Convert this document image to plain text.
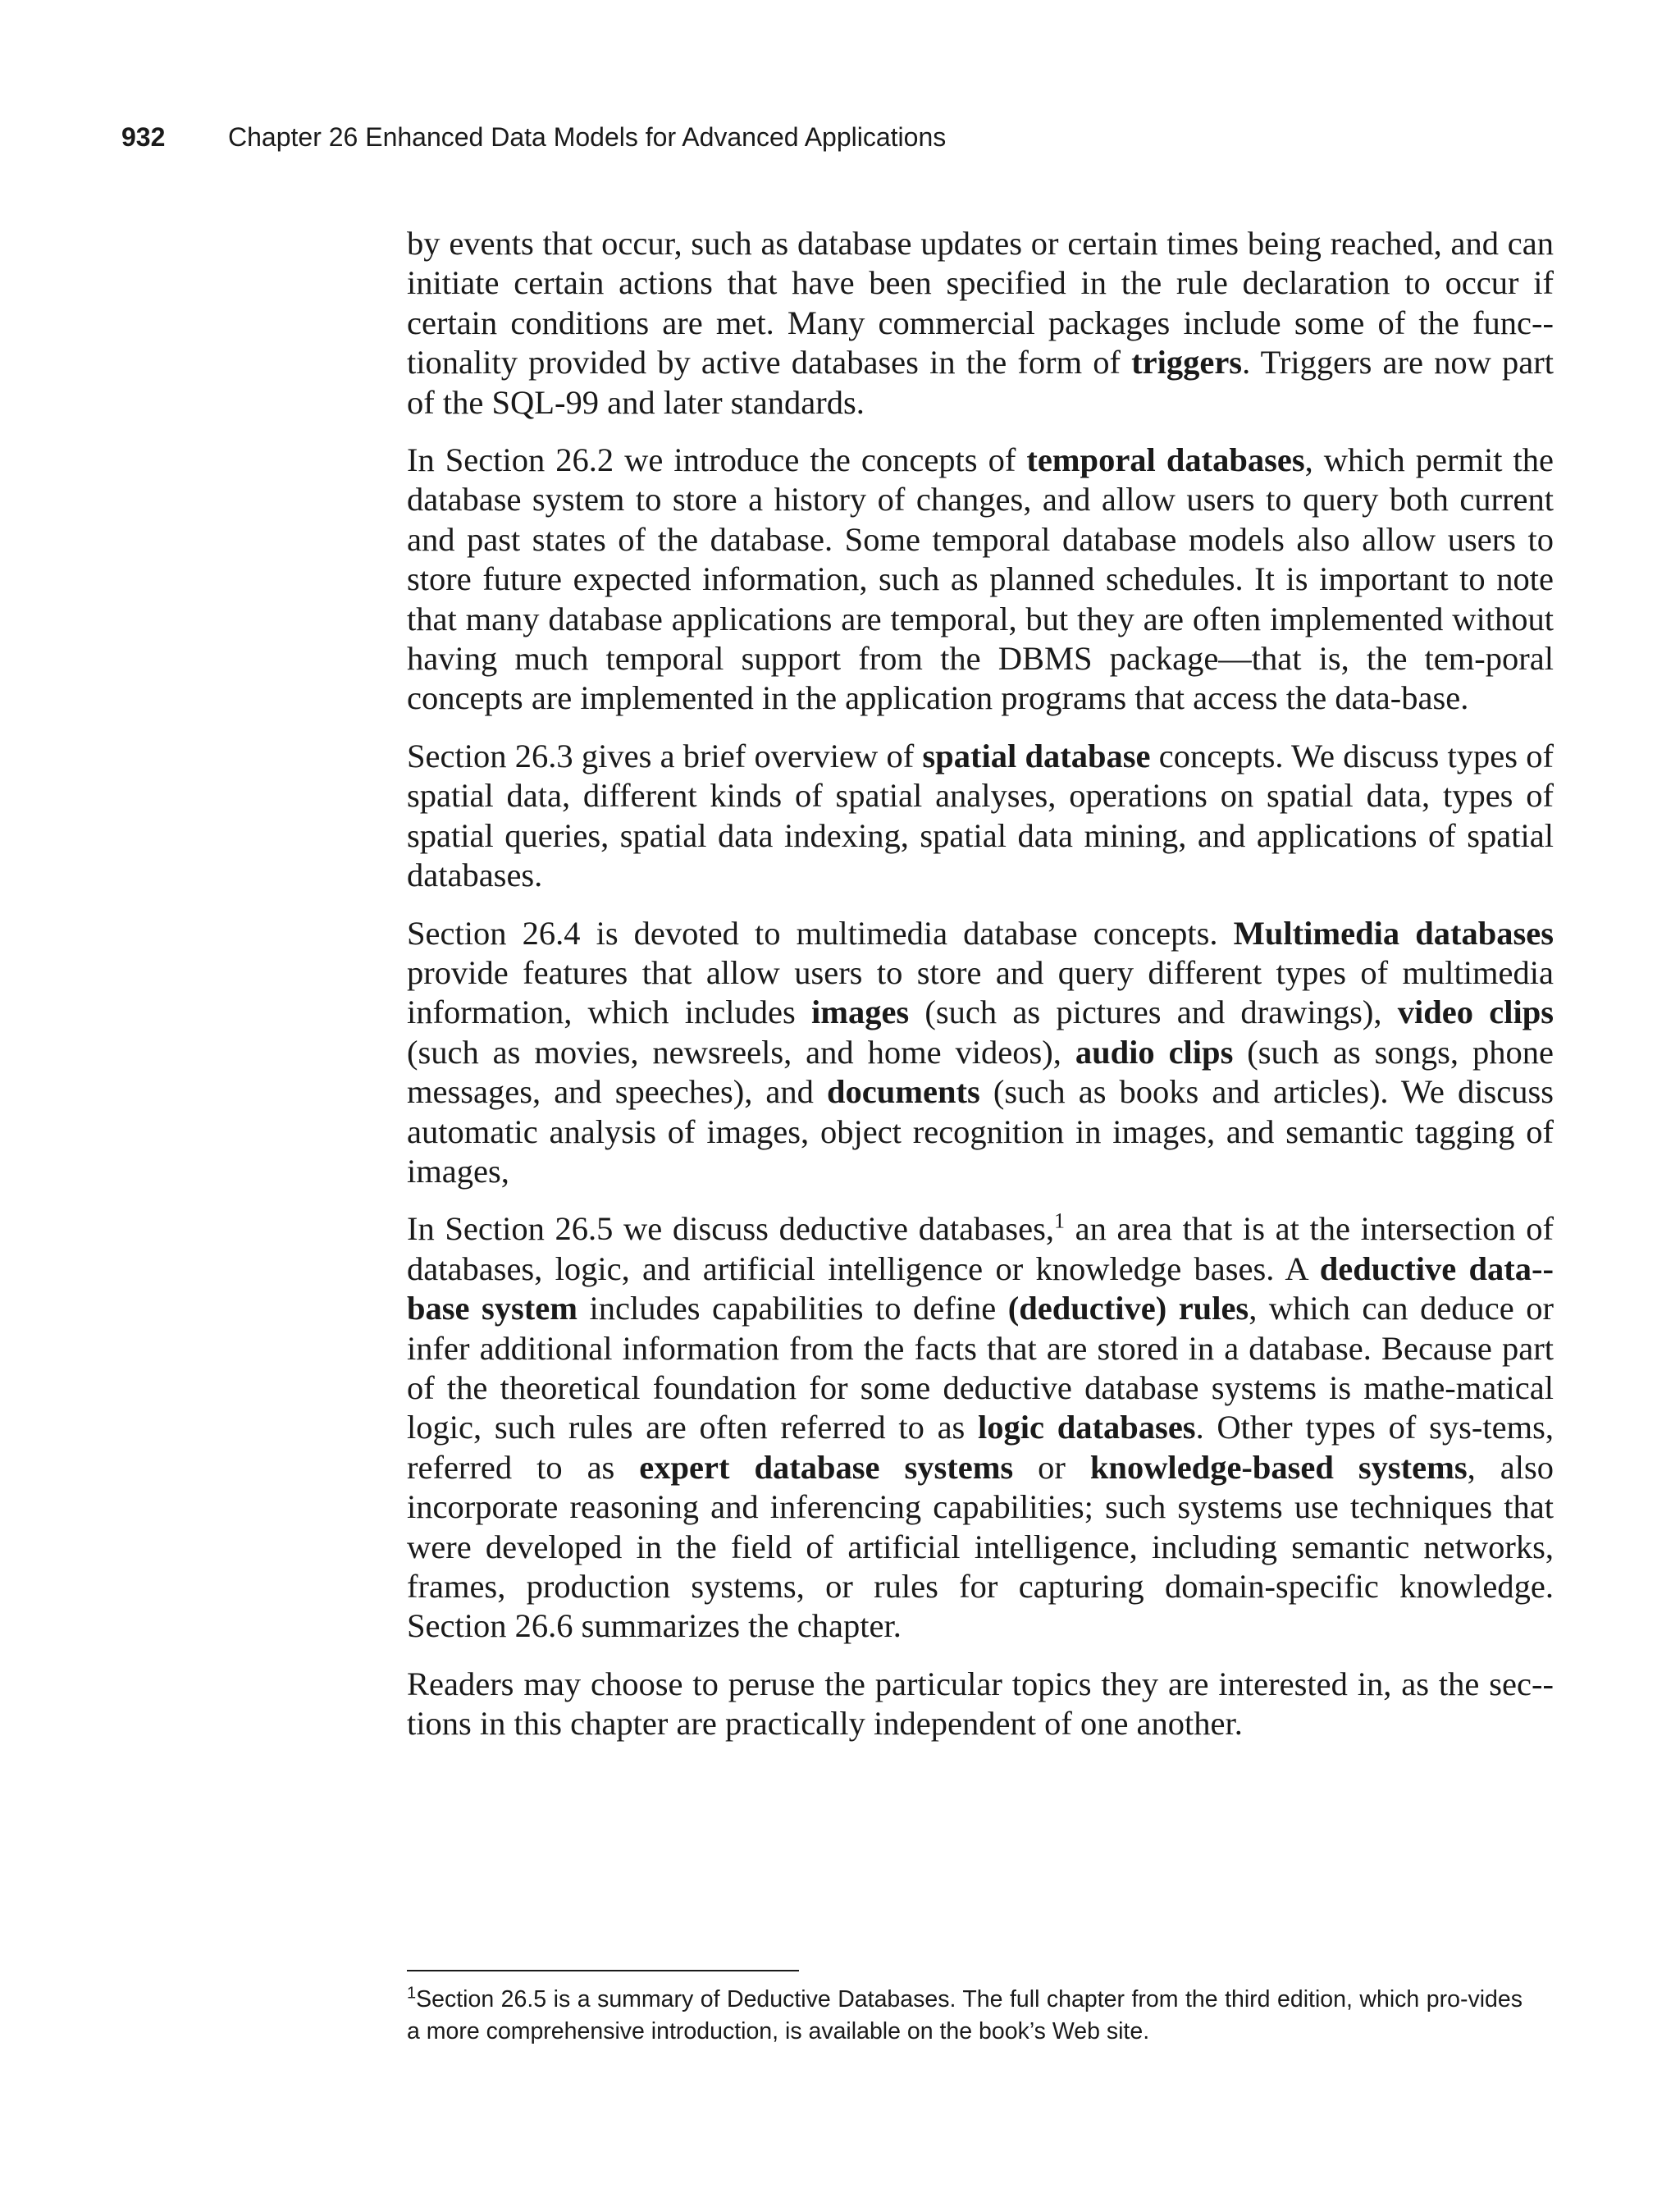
932 Chapter 26 Enhanced Data Models for Advanced Applications

by events that occur, such as database updates or certain times being reached, and can initiate certain actions that have been specified in the rule declaration to occur if certain conditions are met. Many commercial packages include some of the func-tionality provided by active databases in the form of triggers. Triggers are now part of the SQL-99 and later standards.

In Section 26.2 we introduce the concepts of temporal databases, which permit the database system to store a history of changes, and allow users to query both current and past states of the database. Some temporal database models also allow users to store future expected information, such as planned schedules. It is important to note that many database applications are temporal, but they are often implemented without having much temporal support from the DBMS package—that is, the tem-poral concepts are implemented in the application programs that access the data-base.

Section 26.3 gives a brief overview of spatial database concepts. We discuss types of spatial data, different kinds of spatial analyses, operations on spatial data, types of spatial queries, spatial data indexing, spatial data mining, and applications of spatial databases.

Section 26.4 is devoted to multimedia database concepts. Multimedia databases provide features that allow users to store and query different types of multimedia information, which includes images (such as pictures and drawings), video clips (such as movies, newsreels, and home videos), audio clips (such as songs, phone messages, and speeches), and documents (such as books and articles). We discuss automatic analysis of images, object recognition in images, and semantic tagging of images,

In Section 26.5 we discuss deductive databases,$^1$ an area that is at the intersection of databases, logic, and artificial intelligence or knowledge bases. A deductive data-base system includes capabilities to define (deductive) rules, which can deduce or infer additional information from the facts that are stored in a database. Because part of the theoretical foundation for some deductive database systems is mathe-matical logic, such rules are often referred to as logic databases. Other types of sys-tems, referred to as expert database systems or knowledge-based systems, also incorporate reasoning and inferencing capabilities; such systems use techniques that were developed in the field of artificial intelligence, including semantic networks, frames, production systems, or rules for capturing domain-specific knowledge. Section 26.6 summarizes the chapter.

Readers may choose to peruse the particular topics they are interested in, as the sec-tions in this chapter are practically independent of one another.

$^1$Section 26.5 is a summary of Deductive Databases. The full chapter from the third edition, which pro-vides a more comprehensive introduction, is available on the book’s Web site.
